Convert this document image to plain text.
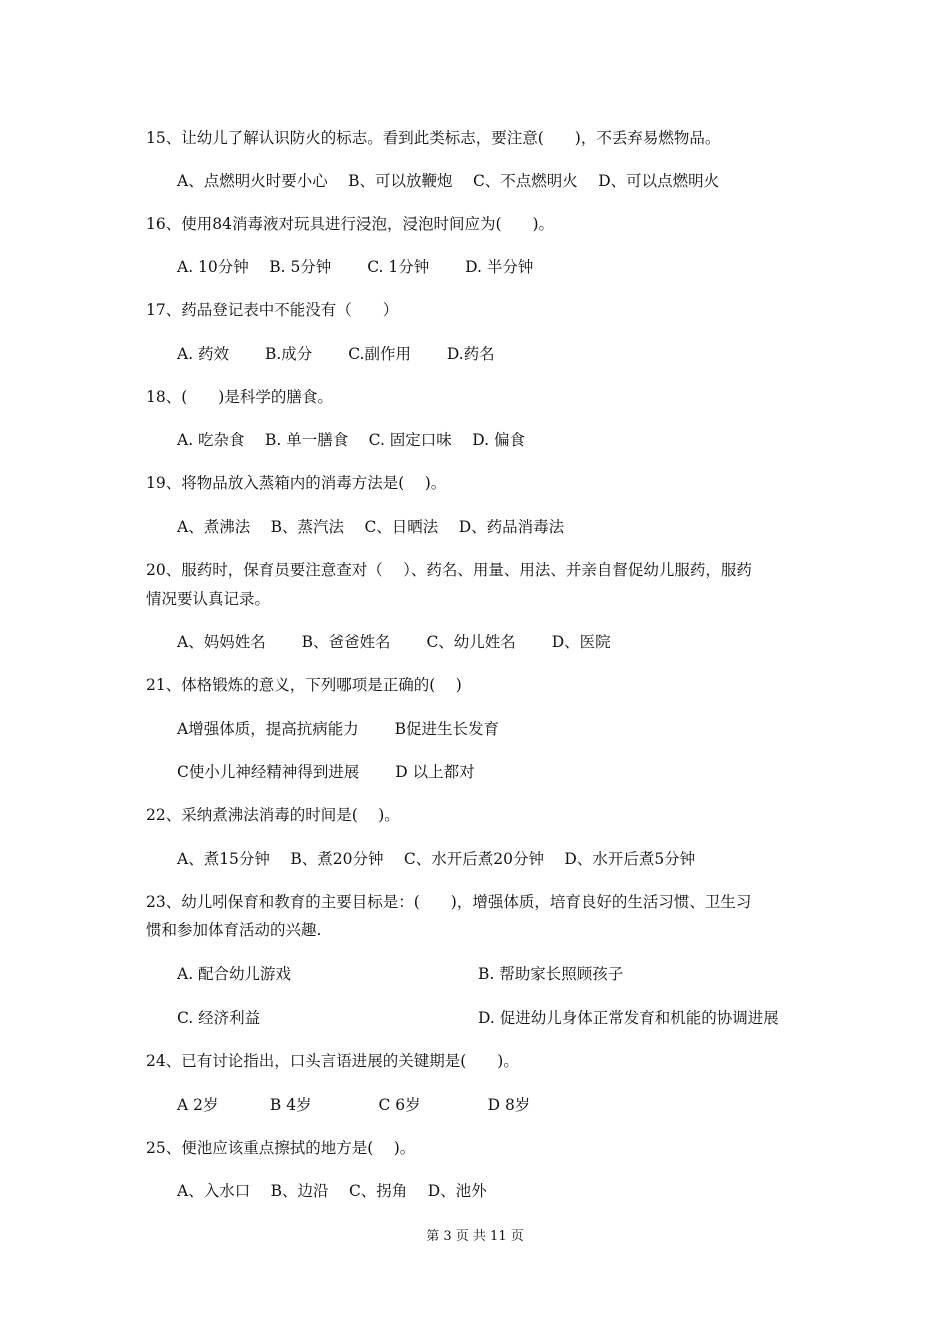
15、让幼儿了解认识防火的标志。看到此类标志，要注意(　　)，不丢弃易燃物品。
A、点燃明火时要小心　 B、可以放鞭炮　 C、不点燃明火　 D、可以点燃明火
16、使用84消毒液对玩具进行浸泡，浸泡时间应为(　　)。
A. 10分钟　 B. 5分钟　　 C. 1分钟　　 D. 半分钟
17、药品登记表中不能没有（　　）
A. 药效　　 B.成分　　 C.副作用　　 D.药名
18、(　　)是科学的膳食。
A. 吃杂食　 B. 单一膳食　 C. 固定口味　 D. 偏食
19、将物品放入蒸箱内的消毒方法是(　 )。
A、煮沸法　 B、蒸汽法　 C、日晒法　 D、药品消毒法
20、服药时，保育员要注意查对（　 ）、药名、用量、用法、并亲自督促幼儿服药，服药
情况要认真记录。
A、妈妈姓名　　 B、爸爸姓名　　 C、幼儿姓名　　 D、医院
21、体格锻炼的意义，下列哪项是正确的(　 )
A增强体质，提高抗病能力　　 B促进生长发育
C使小儿神经精神得到进展　　 D 以上都对
22、采纳煮沸法消毒的时间是(　 )。
A、煮15分钟　 B、煮20分钟　 C、水开后煮20分钟　 D、水开后煮5分钟
23、幼儿吲保育和教育的主要目标是：(　　)，增强体质，培育良好的生活习惯、卫生习
惯和参加体育活动的兴趣.
A. 配合幼儿游戏	B. 帮助家长照顾孩子
C. 经济利益	D. 促进幼儿身体正常发育和机能的协调进展
24、已有讨论指出，口头言语进展的关键期是(　　)。
A 2岁　　　 B 4岁　　　　 C 6岁　　　　 D 8岁
25、便池应该重点擦拭的地方是(　 )。
A、入水口　 B、边沿　 C、拐角　 D、池外
第 3 页 共 11 页
